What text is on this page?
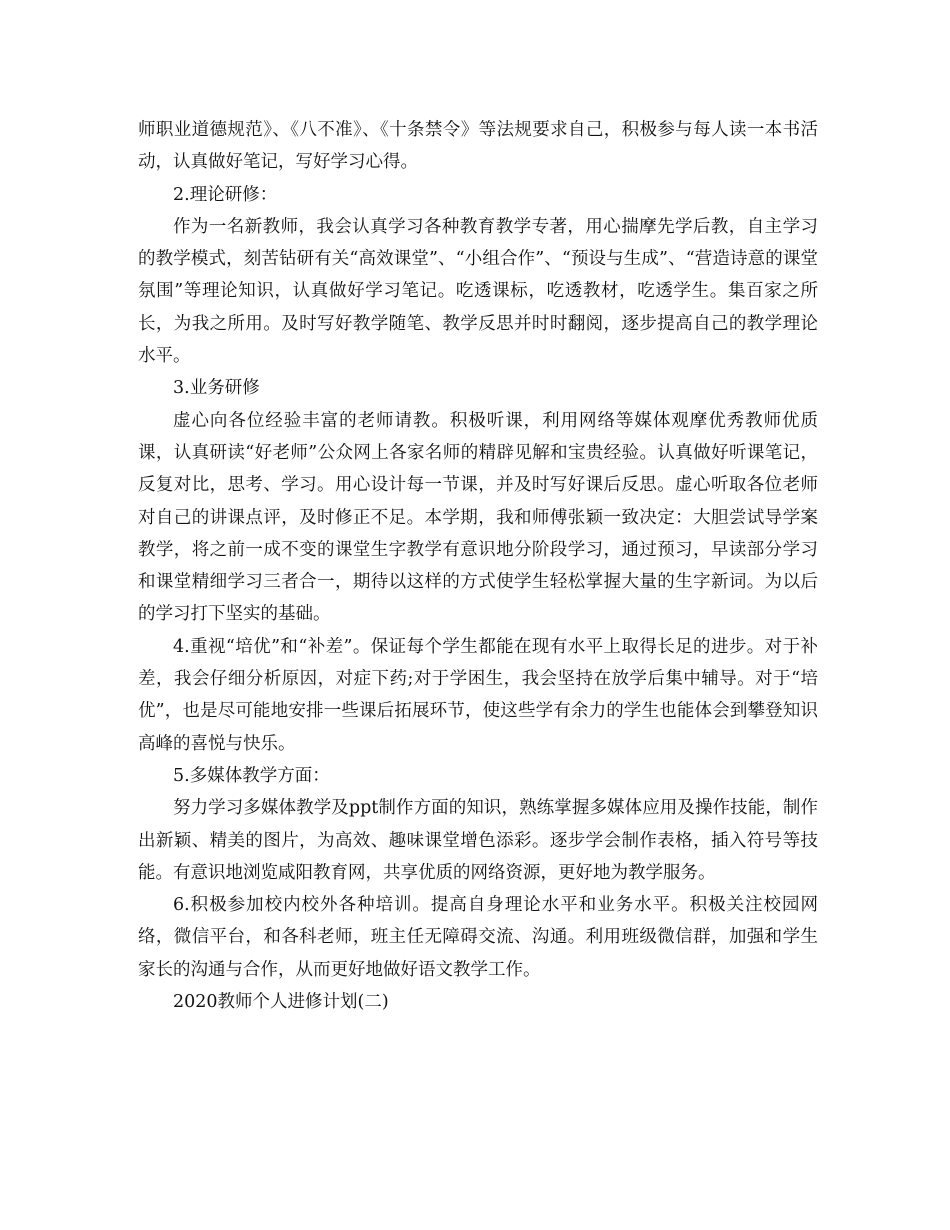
师职业道德规范》、《八不准》、《十条禁令》等法规要求自己，积极参与每人读一本书活动，认真做好笔记，写好学习心得。

2.理论研修：

作为一名新教师，我会认真学习各种教育教学专著，用心揣摩先学后教，自主学习的教学模式，刻苦钻研有关“高效课堂”、“小组合作”、“预设与生成”、“营造诗意的课堂氛围”等理论知识，认真做好学习笔记。吃透课标，吃透教材，吃透学生。集百家之所长，为我之所用。及时写好教学随笔、教学反思并时时翻阅，逐步提高自己的教学理论水平。

3.业务研修

虚心向各位经验丰富的老师请教。积极听课，利用网络等媒体观摩优秀教师优质课，认真研读“好老师”公众网上各家名师的精辟见解和宝贵经验。认真做好听课笔记，反复对比，思考、学习。用心设计每一节课，并及时写好课后反思。虚心听取各位老师对自己的讲课点评，及时修正不足。本学期，我和师傅张颖一致决定：大胆尝试导学案教学，将之前一成不变的课堂生字教学有意识地分阶段学习，通过预习，早读部分学习和课堂精细学习三者合一，期待以这样的方式使学生轻松掌握大量的生字新词。为以后的学习打下坚实的基础。

4.重视“培优”和“补差”。保证每个学生都能在现有水平上取得长足的进步。对于补差，我会仔细分析原因，对症下药;对于学困生，我会坚持在放学后集中辅导。对于“培优”，也是尽可能地安排一些课后拓展环节，使这些学有余力的学生也能体会到攀登知识高峰的喜悦与快乐。

5.多媒体教学方面：

努力学习多媒体教学及ppt制作方面的知识，熟练掌握多媒体应用及操作技能，制作出新颖、精美的图片，为高效、趣味课堂增色添彩。逐步学会制作表格，插入符号等技能。有意识地浏览咸阳教育网，共享优质的网络资源，更好地为教学服务。

6.积极参加校内校外各种培训。提高自身理论水平和业务水平。积极关注校园网络，微信平台，和各科老师，班主任无障碍交流、沟通。利用班级微信群，加强和学生家长的沟通与合作，从而更好地做好语文教学工作。

2020教师个人进修计划(二)
